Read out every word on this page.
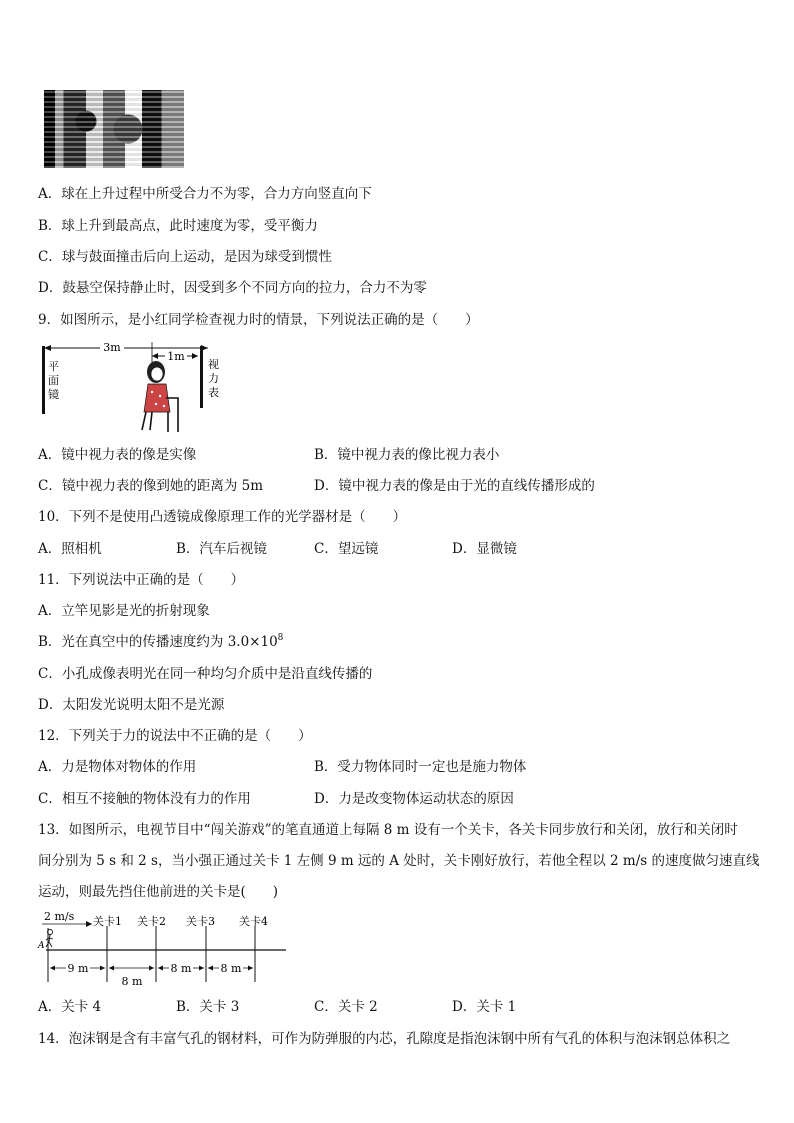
A．球在上升过程中所受合力不为零，合力方向竖直向下
B．球上升到最高点，此时速度为零，受平衡力
C．球与鼓面撞击后向上运动，是因为球受到惯性
D．鼓悬空保持静止时，因受到多个不同方向的拉力，合力不为零
9．如图所示，是小红同学检查视力时的情景，下列说法正确的是（　　）
3m
1m
视
力
表
平
面
镜
A．镜中视力表的像是实像	B．镜中视力表的像比视力表小
C．镜中视力表的像到她的距离为 5m	D．镜中视力表的像是由于光的直线传播形成的
10．下列不是使用凸透镜成像原理工作的光学器材是（　　）
A．照相机	B．汽车后视镜	C．望远镜	D．显微镜
11．下列说法中正确的是（　　）
A．立竿见影是光的折射现象
B．光在真空中的传播速度约为 $3.0\times 10^8$
C．小孔成像表明光在同一种均匀介质中是沿直线传播的
D．太阳发光说明太阳不是光源
12．下列关于力的说法中不正确的是（　　）
A．力是物体对物体的作用	B．受力物体同时一定也是施力物体
C．相互不接触的物体没有力的作用	D．力是改变物体运动状态的原因
13．如图所示，电视节目中“闯关游戏”的笔直通道上每隔 8 m 设有一个关卡，各关卡同步放行和关闭，放行和关闭时
间分别为 5 s 和 2 s，当小强正通过关卡 1 左侧 9 m 远的 A 处时，关卡刚好放行，若他全程以 2 m/s 的速度做匀速直线
运动，则最先挡住他前进的关卡是(　　)
2 m/s
A
关卡1 关卡2 关卡3 关卡4
9 m
8 m
8 m	8 m
A．关卡 4	B．关卡 3	C．关卡 2	D．关卡 1
14．泡沫钢是含有丰富气孔的钢材料，可作为防弹服的内芯，孔隙度是指泡沫钢中所有气孔的体积与泡沫钢总体积之
